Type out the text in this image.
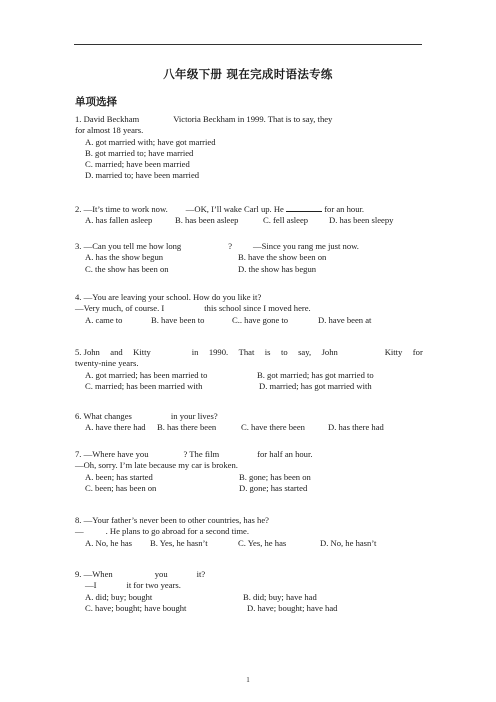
八年级下册 现在完成时语法专练
单项选择
1. David Beckham	Victoria Beckham in 1999. That is to say, they
for almost 18 years.
A. got married with; have got married
B. got married to; have married
C. married; have been married
D. married to; have been married
2. —It’s time to work now. —OK, I’ll wake Carl up. He	for an hour.
A. has fallen asleep	B. has been asleep	C. fell asleep	D. has been sleepy
3. —Can you tell me how long	? —Since you rang me just now.
A. has the show begun	B. have the show been on
C. the show has been on	D. the show has begun
4. —You are leaving your school. How do you like it?
—Very much, of course. I	this school since I moved here.
A. came to	B. have been to	C.. have gone to	D. have been at
5. John and Kitty	in 1990. That is to say, John	Kitty for
twenty-nine years.
A. got married; has been married to	B. got married; has got married to
C. married; has been married with	D. married; has got married with
6. What changes	in your lives?
A. have there had	B. has there been	C. have there been	D. has there had
7. —Where have you	? The film	for half an hour.
—Oh, sorry. I’m late because my car is broken.
A. been; has started	B. gone; has been on
C. been; has been on	D. gone; has started
8. —Your father’s never been to other countries, has he?
—	. He plans to go abroad for a second time.
A. No, he has	B. Yes, he hasn’t	C. Yes, he has	D. No, he hasn’t
9. —When	you	it?
—I	it for two years.
A. did; buy; bought	B. did; buy; have had
C. have; bought; have bought	D. have; bought; have had
1
